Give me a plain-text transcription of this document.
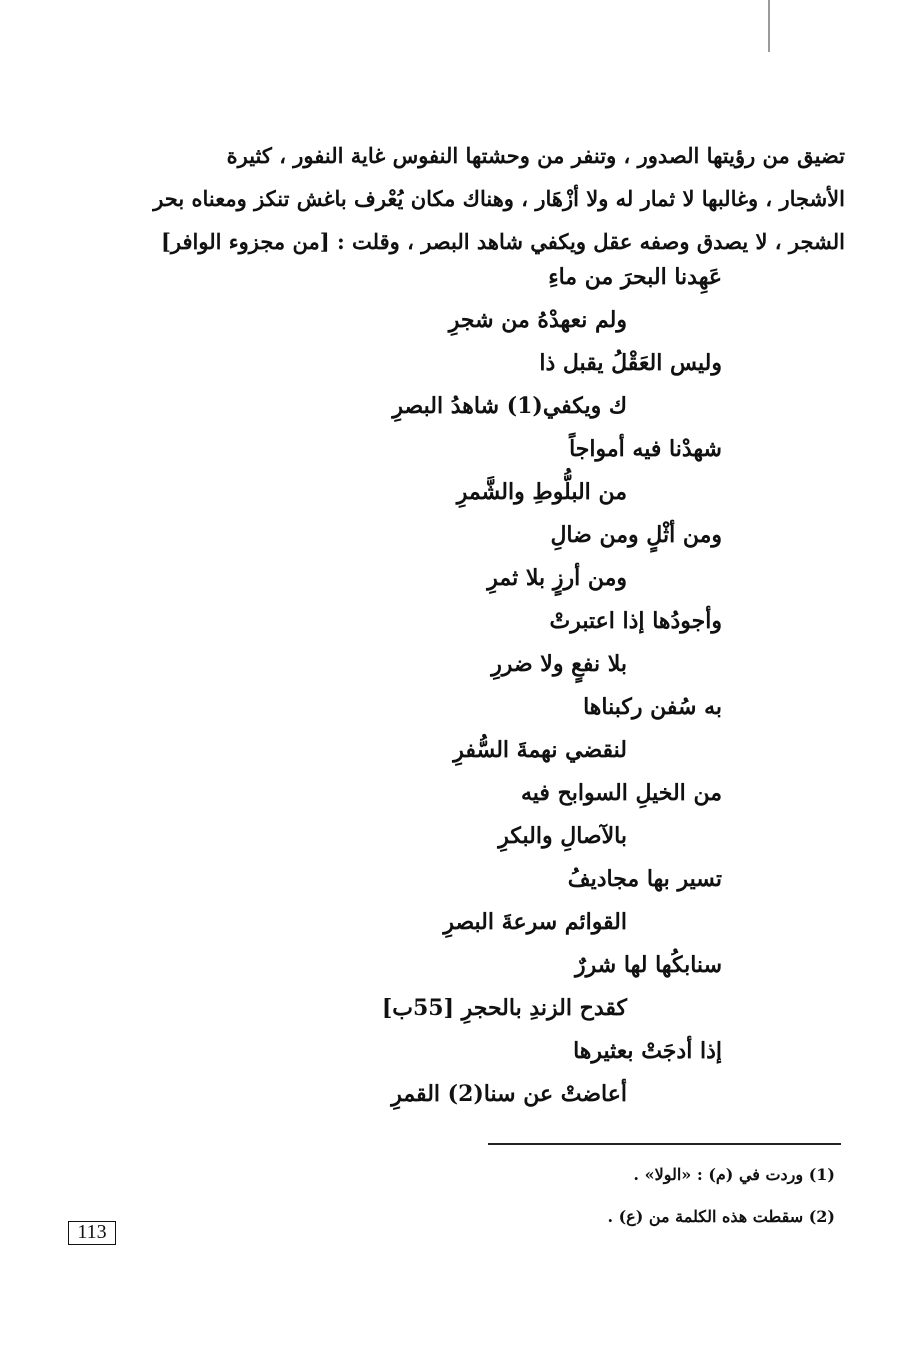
تضيق من رؤيتها الصدور ، وتنفر من وحشتها النفوس غاية النفور ، كثيرة

الأشجار ، وغالبها لا ثمار له ولا أزْهَار ، وهناك مكان يُعْرف باغش تنكز ومعناه بحر

الشجر ، لا يصدق وصفه عقل ويكفي شاهد البصر ، وقلت : [من مجزوء الوافر]

عَهِدنا البحرَ من ماءِ
ولم نعهدْهُ من شجرِ
وليس العَقْلُ يقبل ذا
ك ويكفي(1) شاهدُ البصرِ
شهدْنا فيه أمواجاً
من البلُّوطِ والشَّمرِ
ومن أثْلٍ ومن ضالِ
ومن أرزٍ بلا ثمرِ
وأجودُها إذا اعتبرتْ
بلا نفعٍ ولا ضررِ
به سُفن ركبناها
لنقضي نهمةَ السُّفرِ
من الخيلِ السوابح فيه
بالآصالِ والبكرِ
تسير بها مجاديفُ
القوائم سرعةَ البصرِ
سنابكُها لها شررٌ
كقدح الزندِ بالحجرِ [55ب]
إذا أدجَتْ بعثيرها
أعاضتْ عن سنا(2) القمرِ
(1) وردت في (م) : «الولا» .
(2) سقطت هذه الكلمة من (ع) .
113
